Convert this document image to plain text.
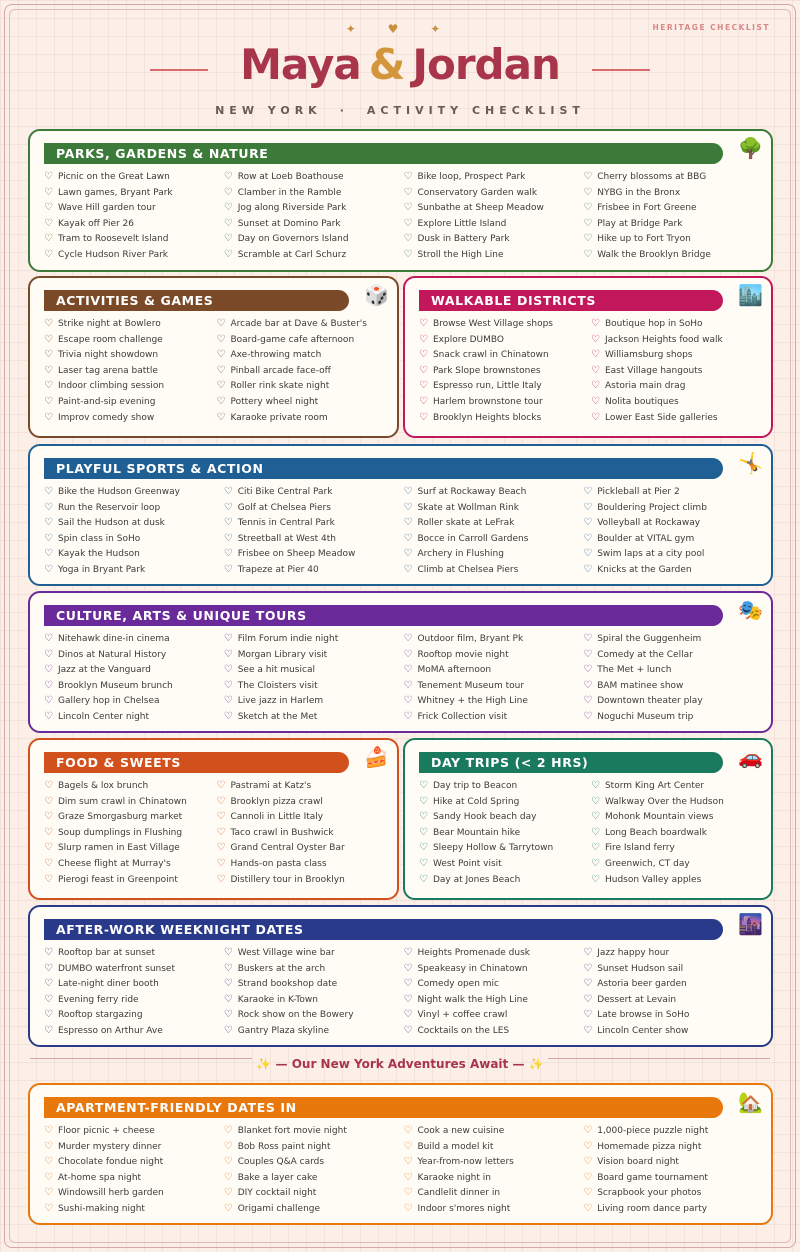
HERITAGE CHECKLIST
✦ ♥ ✦
Maya & Jordan
NEW YORK · ACTIVITY CHECKLIST
PARKS, GARDENS & NATURE	🌳
♡ Picnic on the Great Lawn
♡ Lawn games, Bryant Park
♡ Wave Hill garden tour
♡ Kayak off Pier 26
♡ Tram to Roosevelt Island
♡ Cycle Hudson River Park
♡ Row at Loeb Boathouse
♡ Clamber in the Ramble
♡ Jog along Riverside Park
♡ Sunset at Domino Park
♡ Day on Governors Island
♡ Scramble at Carl Schurz
♡ Bike loop, Prospect Park
♡ Conservatory Garden walk
♡ Sunbathe at Sheep Meadow
♡ Explore Little Island
♡ Dusk in Battery Park
♡ Stroll the High Line
♡ Cherry blossoms at BBG
♡ NYBG in the Bronx
♡ Frisbee in Fort Greene
♡ Play at Bridge Park
♡ Hike up to Fort Tryon
♡ Walk the Brooklyn Bridge
ACTIVITIES & GAMES	🎲
♡ Strike night at Bowlero
♡ Escape room challenge
♡ Trivia night showdown
♡ Laser tag arena battle
♡ Indoor climbing session
♡ Paint-and-sip evening
♡ Improv comedy show
♡ Arcade bar at Dave & Buster's
♡ Board-game cafe afternoon
♡ Axe-throwing match
♡ Pinball arcade face-off
♡ Roller rink skate night
♡ Pottery wheel night
♡ Karaoke private room
WALKABLE DISTRICTS	🏙️
♡ Browse West Village shops
♡ Explore DUMBO
♡ Snack crawl in Chinatown
♡ Park Slope brownstones
♡ Espresso run, Little Italy
♡ Harlem brownstone tour
♡ Brooklyn Heights blocks
♡ Boutique hop in SoHo
♡ Jackson Heights food walk
♡ Williamsburg shops
♡ East Village hangouts
♡ Astoria main drag
♡ Nolita boutiques
♡ Lower East Side galleries
PLAYFUL SPORTS & ACTION	🤸
♡ Bike the Hudson Greenway
♡ Run the Reservoir loop
♡ Sail the Hudson at dusk
♡ Spin class in SoHo
♡ Kayak the Hudson
♡ Yoga in Bryant Park
♡ Citi Bike Central Park
♡ Golf at Chelsea Piers
♡ Tennis in Central Park
♡ Streetball at West 4th
♡ Frisbee on Sheep Meadow
♡ Trapeze at Pier 40
♡ Surf at Rockaway Beach
♡ Skate at Wollman Rink
♡ Roller skate at LeFrak
♡ Bocce in Carroll Gardens
♡ Archery in Flushing
♡ Climb at Chelsea Piers
♡ Pickleball at Pier 2
♡ Bouldering Project climb
♡ Volleyball at Rockaway
♡ Boulder at VITAL gym
♡ Swim laps at a city pool
♡ Knicks at the Garden
CULTURE, ARTS & UNIQUE TOURS	🎭
♡ Nitehawk dine-in cinema
♡ Dinos at Natural History
♡ Jazz at the Vanguard
♡ Brooklyn Museum brunch
♡ Gallery hop in Chelsea
♡ Lincoln Center night
♡ Film Forum indie night
♡ Morgan Library visit
♡ See a hit musical
♡ The Cloisters visit
♡ Live jazz in Harlem
♡ Sketch at the Met
♡ Outdoor film, Bryant Pk
♡ Rooftop movie night
♡ MoMA afternoon
♡ Tenement Museum tour
♡ Whitney + the High Line
♡ Frick Collection visit
♡ Spiral the Guggenheim
♡ Comedy at the Cellar
♡ The Met + lunch
♡ BAM matinee show
♡ Downtown theater play
♡ Noguchi Museum trip
FOOD & SWEETS	🍰
♡ Bagels & lox brunch
♡ Dim sum crawl in Chinatown
♡ Graze Smorgasburg market
♡ Soup dumplings in Flushing
♡ Slurp ramen in East Village
♡ Cheese flight at Murray's
♡ Pierogi feast in Greenpoint
♡ Pastrami at Katz's
♡ Brooklyn pizza crawl
♡ Cannoli in Little Italy
♡ Taco crawl in Bushwick
♡ Grand Central Oyster Bar
♡ Hands-on pasta class
♡ Distillery tour in Brooklyn
DAY TRIPS (< 2 HRS)	🚗
♡ Day trip to Beacon
♡ Hike at Cold Spring
♡ Sandy Hook beach day
♡ Bear Mountain hike
♡ Sleepy Hollow & Tarrytown
♡ West Point visit
♡ Day at Jones Beach
♡ Storm King Art Center
♡ Walkway Over the Hudson
♡ Mohonk Mountain views
♡ Long Beach boardwalk
♡ Fire Island ferry
♡ Greenwich, CT day
♡ Hudson Valley apples
AFTER-WORK WEEKNIGHT DATES	🌆
♡ Rooftop bar at sunset
♡ DUMBO waterfront sunset
♡ Late-night diner booth
♡ Evening ferry ride
♡ Rooftop stargazing
♡ Espresso on Arthur Ave
♡ West Village wine bar
♡ Buskers at the arch
♡ Strand bookshop date
♡ Karaoke in K-Town
♡ Rock show on the Bowery
♡ Gantry Plaza skyline
♡ Heights Promenade dusk
♡ Speakeasy in Chinatown
♡ Comedy open mic
♡ Night walk the High Line
♡ Vinyl + coffee crawl
♡ Cocktails on the LES
♡ Jazz happy hour
♡ Sunset Hudson sail
♡ Astoria beer garden
♡ Dessert at Levain
♡ Late browse in SoHo
♡ Lincoln Center show
APARTMENT-FRIENDLY DATES IN	🏡
♡ Floor picnic + cheese
♡ Murder mystery dinner
♡ Chocolate fondue night
♡ At-home spa night
♡ Windowsill herb garden
♡ Sushi-making night
♡ Blanket fort movie night
♡ Bob Ross paint night
♡ Couples Q&A cards
♡ Bake a layer cake
♡ DIY cocktail night
♡ Origami challenge
♡ Cook a new cuisine
♡ Build a model kit
♡ Year-from-now letters
♡ Karaoke night in
♡ Candlelit dinner in
♡ Indoor s'mores night
♡ 1,000-piece puzzle night
♡ Homemade pizza night
♡ Vision board night
♡ Board game tournament
♡ Scrapbook your photos
♡ Living room dance party
✨ — Our New York Adventures Await — ✨
